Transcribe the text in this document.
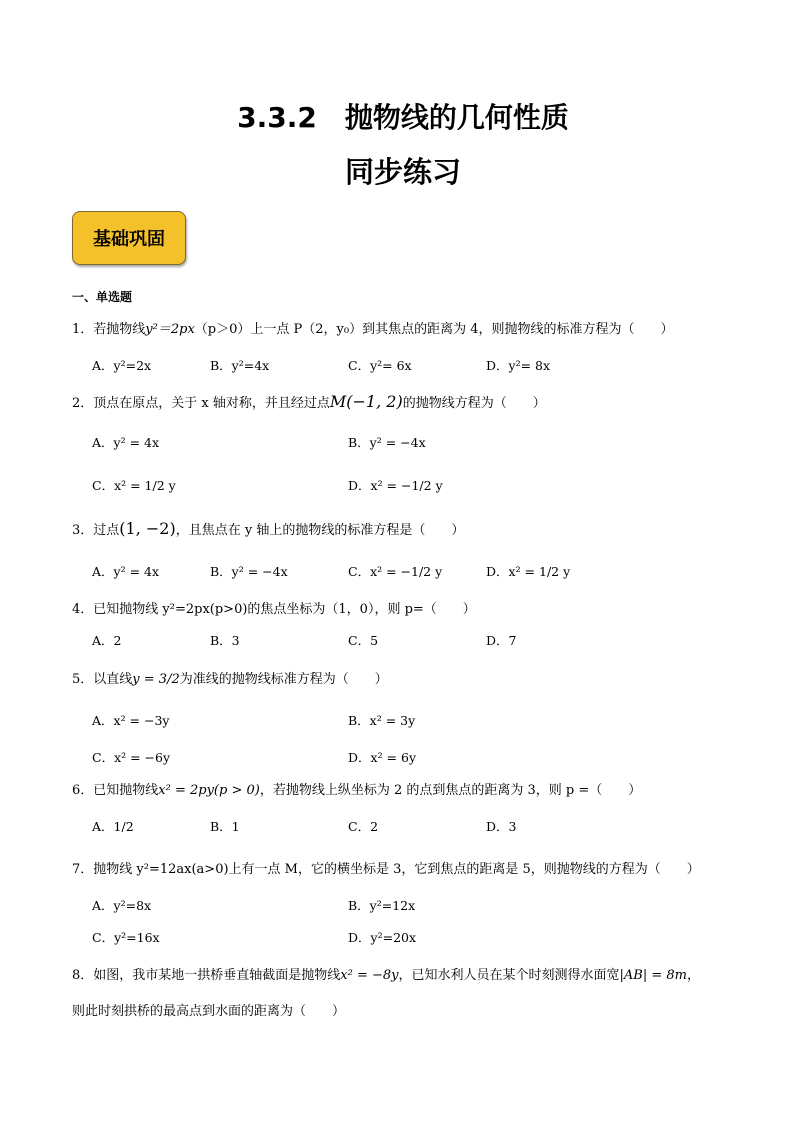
3.3.2　抛物线的几何性质
同步练习
基础巩固
一、单选题
1．若抛物线y²＝2px（p＞0）上一点 P（2，y₀）到其焦点的距离为 4，则抛物线的标准方程为（　　）
A．y²=2x	B．y²=4x	C．y²= 6x	D．y²= 8x
2．顶点在原点，关于 x 轴对称，并且经过点M(−1, 2)的抛物线方程为（　　）
A．y² = 4x	B．y² = −4x
C．x² = 1/2 y	D．x² = −1/2 y
3．过点(1, −2)，且焦点在 y 轴上的抛物线的标准方程是（　　）
A．y² = 4x	B．y² = −4x	C．x² = −1/2 y	D．x² = 1/2 y
4．已知抛物线 y²=2px(p>0)的焦点坐标为（1，0），则 p=（　　）
A．2	B．3	C．5	D．7
5．以直线y = 3/2为准线的抛物线标准方程为（　　）
A．x² = −3y	B．x² = 3y
C．x² = −6y	D．x² = 6y
6．已知抛物线x² = 2py(p > 0)，若抛物线上纵坐标为 2 的点到焦点的距离为 3，则 p =（　　）
A．1/2	B．1	C．2	D．3
7．抛物线 y²=12ax(a>0)上有一点 M，它的横坐标是 3，它到焦点的距离是 5，则抛物线的方程为（　　）
A．y²=8x	B．y²=12x
C．y²=16x	D．y²=20x
8．如图，我市某地一拱桥垂直轴截面是抛物线x² = −8y，已知水利人员在某个时刻测得水面宽|AB| = 8m，
则此时刻拱桥的最高点到水面的距离为（　　）
